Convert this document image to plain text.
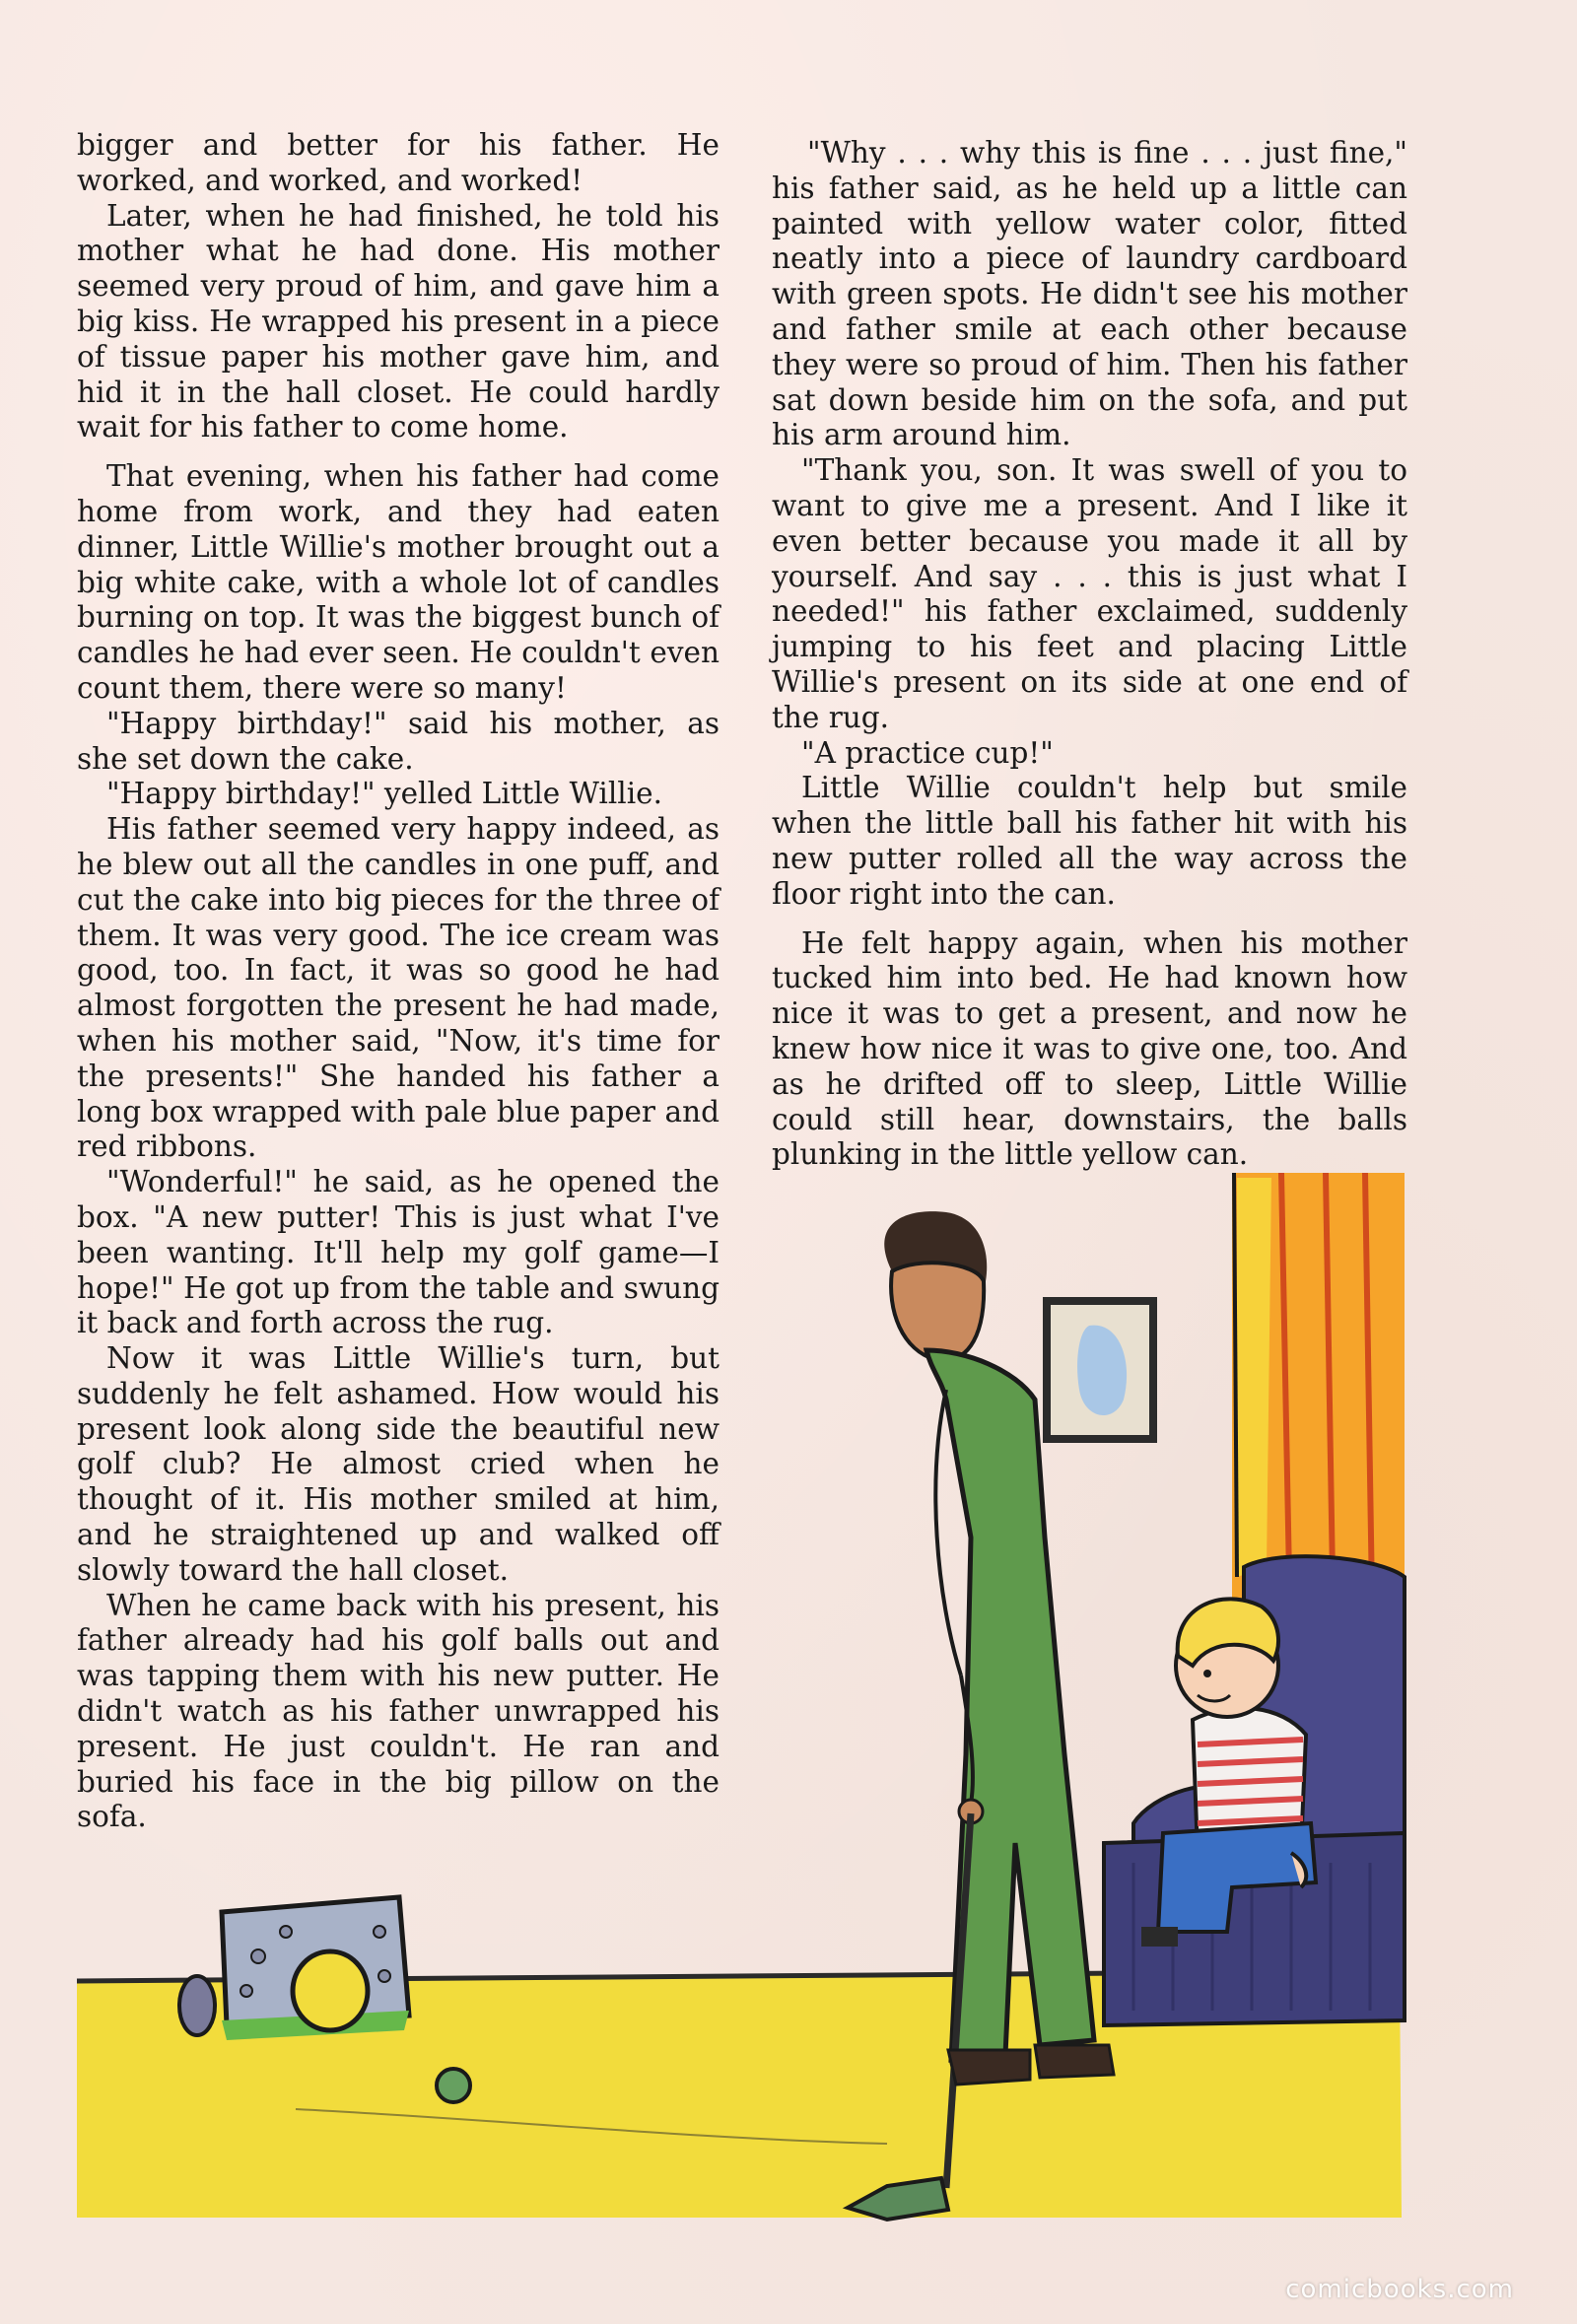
bigger and better for his father. He worked, and worked, and worked!

Later, when he had finished, he told his mother what he had done. His mother seemed very proud of him, and gave him a big kiss. He wrapped his present in a piece of tissue paper his mother gave him, and hid it in the hall closet. He could hardly wait for his father to come home.

That evening, when his father had come home from work, and they had eaten dinner, Little Willie's mother brought out a big white cake, with a whole lot of candles burning on top. It was the biggest bunch of candles he had ever seen. He couldn't even count them, there were so many!

"Happy birthday!" said his mother, as she set down the cake.

"Happy birthday!" yelled Little Willie.

His father seemed very happy indeed, as he blew out all the candles in one puff, and cut the cake into big pieces for the three of them. It was very good. The ice cream was good, too. In fact, it was so good he had almost forgotten the present he had made, when his mother said, "Now, it's time for the presents!" She handed his father a long box wrapped with pale blue paper and red ribbons.

"Wonderful!" he said, as he opened the box. "A new putter! This is just what I've been wanting. It'll help my golf game—I hope!" He got up from the table and swung it back and forth across the rug.

Now it was Little Willie's turn, but suddenly he felt ashamed. How would his present look along side the beautiful new golf club? He almost cried when he thought of it. His mother smiled at him, and he straightened up and walked off slowly toward the hall closet.

When he came back with his present, his father already had his golf balls out and was tapping them with his new putter. He didn't watch as his father unwrapped his present. He just couldn't. He ran and buried his face in the big pillow on the sofa.

"Why . . . why this is fine . . . just fine," his father said, as he held up a little can painted with yellow water color, fitted neatly into a piece of laundry cardboard with green spots. He didn't see his mother and father smile at each other because they were so proud of him. Then his father sat down beside him on the sofa, and put his arm around him.

"Thank you, son. It was swell of you to want to give me a present. And I like it even better because you made it all by yourself. And say . . . this is just what I needed!" his father exclaimed, suddenly jumping to his feet and placing Little Willie's present on its side at one end of the rug.

"A practice cup!"

Little Willie couldn't help but smile when the little ball his father hit with his new putter rolled all the way across the floor right into the can.

He felt happy again, when his mother tucked him into bed. He had known how nice it was to get a present, and now he knew how nice it was to give one, too. And as he drifted off to sleep, Little Willie could still hear, downstairs, the balls plunking in the little yellow can.

comicbooks.com
